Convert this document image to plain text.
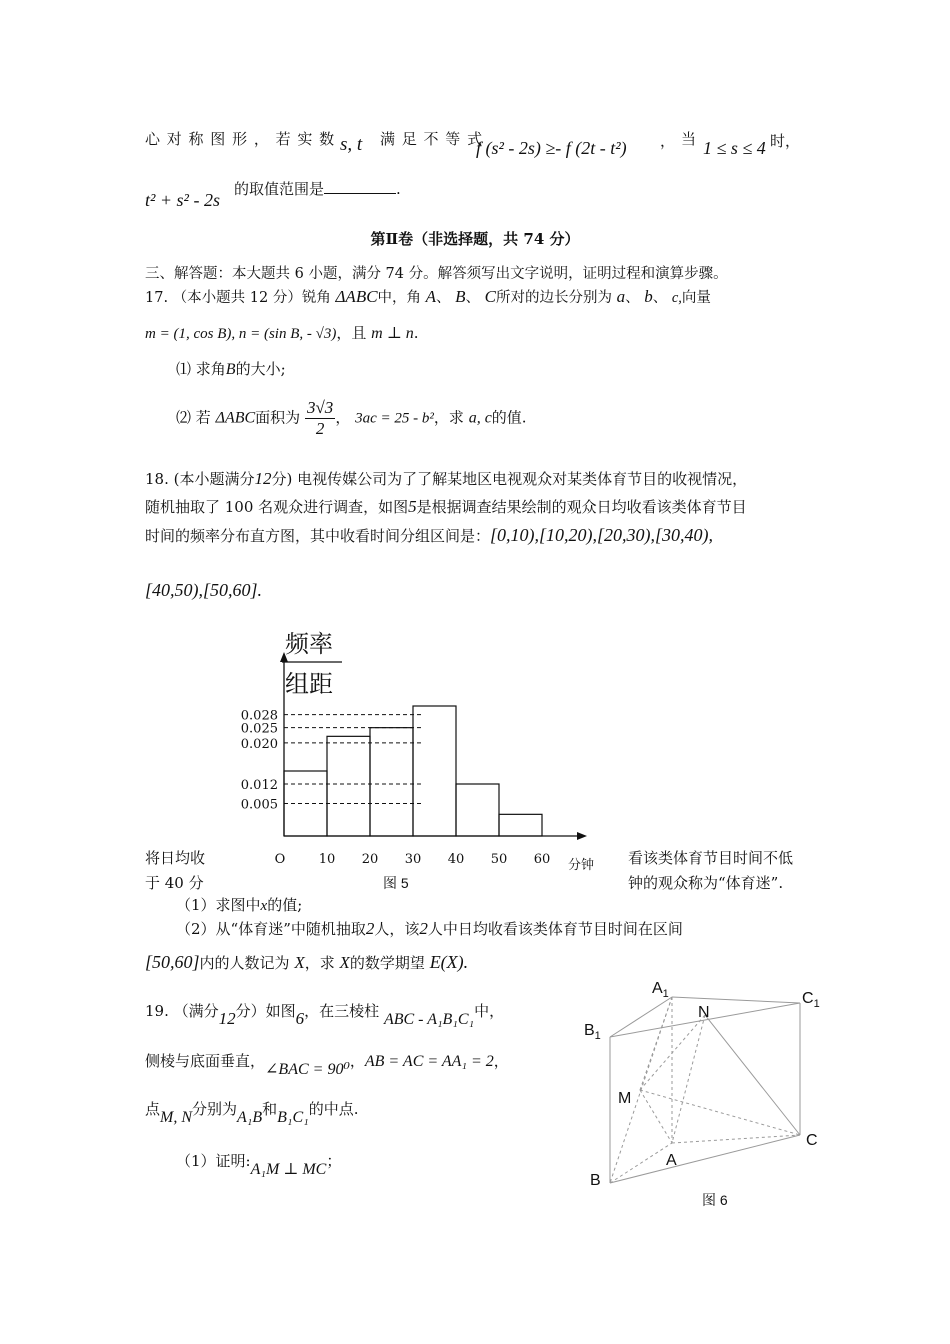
心 对 称 图 形 ， 若 实 数 s, t 满 足 不 等 式
f (s² - 2s) ≥- f (2t - t²) ， 当 1 ≤ s ≤ 4 时，
t² + s² - 2s
的取值范围是	.
第Ⅱ卷（非选择题，共 74 分）
三、解答题：本大题共 6 小题，满分 74 分。解答须写出文字说明，证明过程和演算步骤。
17. （本小题共 12 分）锐角 ΔABC中，角 A、 B、 C所对的边长分别为 a、 b、 c,向量
m = (1, cos B), n = (sin B, - √3)，且 m ⊥ n.
⑴ 求角B的大小;
⑵ 若 ΔABC面积为 $\frac{3√3}{2}$ ， 3ac = 25 - b²，求 a, c的值.
18. (本小题满分12分) 电视传媒公司为了了解某地区电视观众对某类体育节目的收视情况，
随机抽取了 100 名观众进行调查，如图5是根据调查结果绘制的观众日均收看该类体育节目
时间的频率分布直方图，其中收看时间分组区间是：[0,10),[10,20),[20,30),[30,40),
[40,50),[50,60].
频率
组距
0.005
0.012
0.020
0.025
0.028
10 20 30 40 50 60
O	分钟
将日均收
于 40 分
看该类体育节目时间不低
钟的观众称为“体育迷”.
图 5
（1）求图中x的值;
（2）从“体育迷”中随机抽取2人，该2人中日均收看该类体育节目时间在区间
[50,60]内的人数记为 X，求 X的数学期望 E(X).
19. （满分12分）如图6，在三棱柱 ABC - A₁B₁C₁中，
侧棱与底面垂直，∠BAC = 90⁰，AB = AC = AA₁ = 2，
点M, N分别为A₁B和B₁C₁的中点.
（1）证明:A₁M ⊥ MC；
$A_1$	$C_1$
$B_1$
N
M
A
B
C
图 6
